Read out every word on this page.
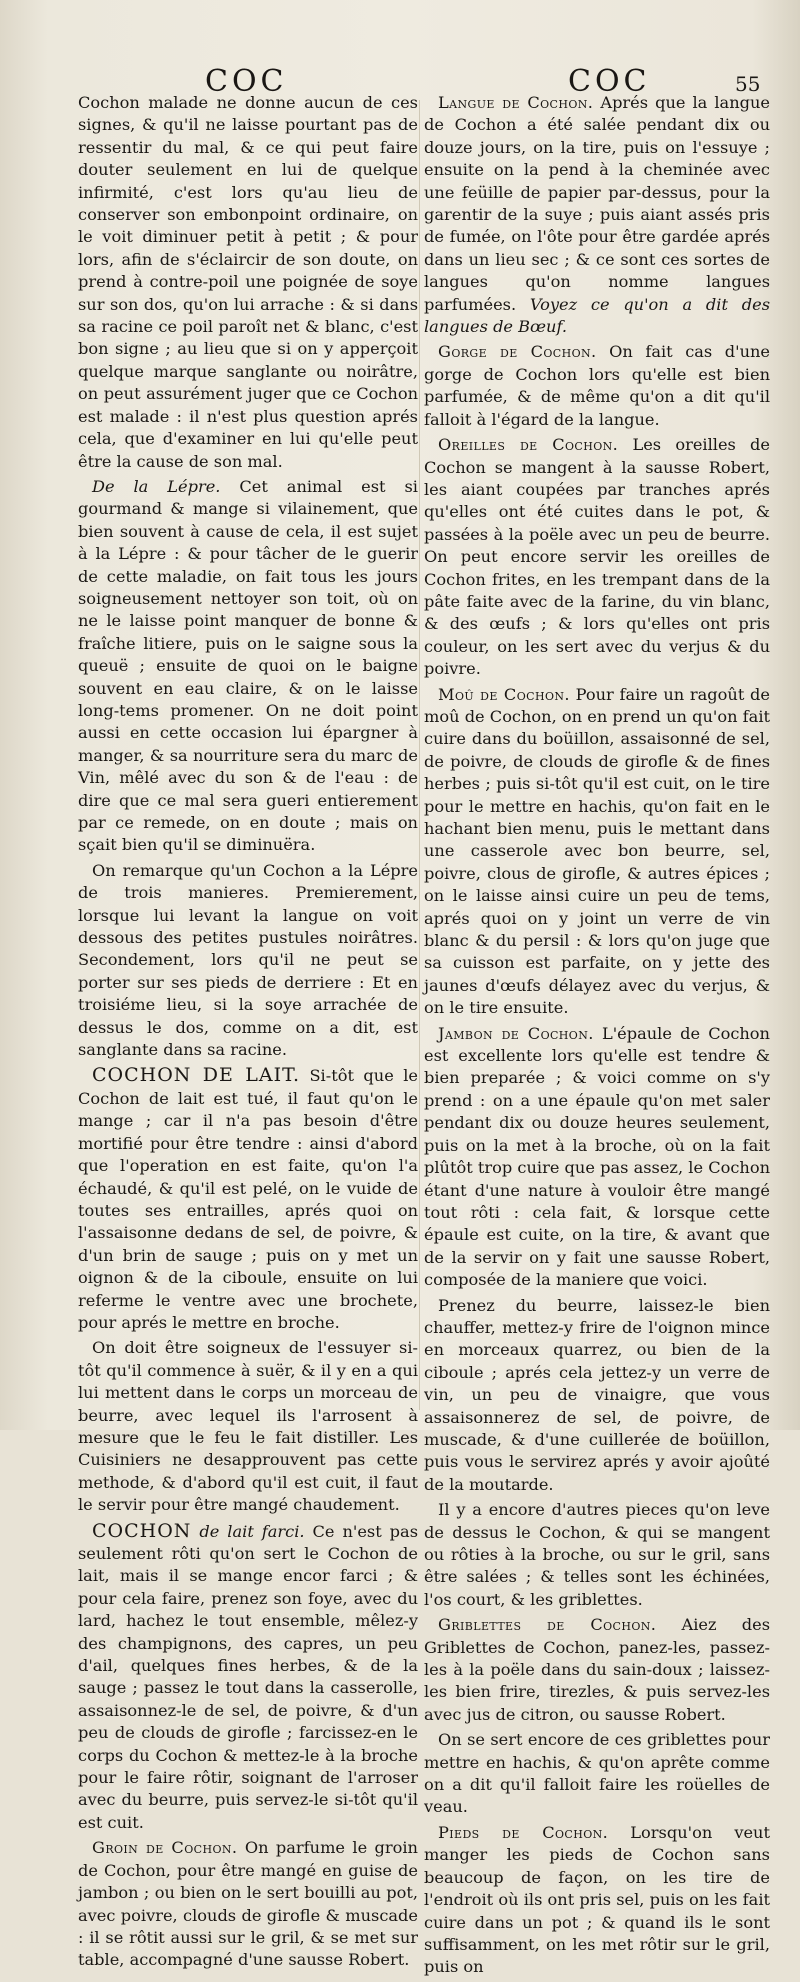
COC	COC	55

Cochon malade ne donne aucun de ces signes, & qu'il ne laisse pourtant pas de ressentir du mal, & ce qui peut faire douter seulement en lui de quelque infirmité, c'est lors qu'au lieu de conserver son embonpoint ordinaire, on le voit diminuer petit à petit ; & pour lors, afin de s'éclaircir de son doute, on prend à contre-poil une poignée de soye sur son dos, qu'on lui arrache : & si dans sa racine ce poil paroît net & blanc, c'est bon signe ; au lieu que si on y apperçoit quelque marque sanglante ou noirâtre, on peut assurément juger que ce Cochon est malade : il n'est plus question aprés cela, que d'examiner en lui qu'elle peut être la cause de son mal.

De la Lépre. Cet animal est si gourmand & mange si vilainement, que bien souvent à cause de cela, il est sujet à la Lépre : & pour tâcher de le guerir de cette maladie, on fait tous les jours soigneusement nettoyer son toit, où on ne le laisse point manquer de bonne & fraîche litiere, puis on le saigne sous la queuë ; ensuite de quoi on le baigne souvent en eau claire, & on le laisse long-tems promener. On ne doit point aussi en cette occasion lui épargner à manger, & sa nourriture sera du marc de Vin, mêlé avec du son & de l'eau : de dire que ce mal sera gueri entierement par ce remede, on en doute ; mais on sçait bien qu'il se diminuëra.

On remarque qu'un Cochon a la Lépre de trois manieres. Premierement, lorsque lui levant la langue on voit dessous des petites pustules noirâtres. Secondement, lors qu'il ne peut se porter sur ses pieds de derriere : Et en troisiéme lieu, si la soye arrachée de dessus le dos, comme on a dit, est sanglante dans sa racine.

COCHON DE LAIT. Si-tôt que le Cochon de lait est tué, il faut qu'on le mange ; car il n'a pas besoin d'être mortifié pour être tendre : ainsi d'abord que l'operation en est faite, qu'on l'a échaudé, & qu'il est pelé, on le vuide de toutes ses entrailles, aprés quoi on l'assaisonne dedans de sel, de poivre, & d'un brin de sauge ; puis on y met un oignon & de la ciboule, ensuite on lui referme le ventre avec une brochete, pour aprés le mettre en broche.

On doit être soigneux de l'essuyer si-tôt qu'il commence à suër, & il y en a qui lui mettent dans le corps un morceau de beurre, avec lequel ils l'arrosent à mesure que le feu le fait distiller. Les Cuisiniers ne desapprouvent pas cette methode, & d'abord qu'il est cuit, il faut le servir pour être mangé chaudement.

COCHON de lait farci. Ce n'est pas seulement rôti qu'on sert le Cochon de lait, mais il se mange encor farci ; & pour cela faire, prenez son foye, avec du lard, hachez le tout ensemble, mêlez-y des champignons, des capres, un peu d'ail, quelques fines herbes, & de la sauge ; passez le tout dans la casserolle, assaisonnez-le de sel, de poivre, & d'un peu de clouds de girofle ; farcissez-en le corps du Cochon & mettez-le à la broche pour le faire rôtir, soignant de l'arroser avec du beurre, puis servez-le si-tôt qu'il est cuit.

Groin de Cochon. On parfume le groin de Cochon, pour être mangé en guise de jambon ; ou bien on le sert bouilli au pot, avec poivre, clouds de girofle & muscade : il se rôtit aussi sur le gril, & se met sur table, accompagné d'une sausse Robert.

Langue de Cochon. Aprés que la langue de Cochon a été salée pendant dix ou douze jours, on la tire, puis on l'essuye ; ensuite on la pend à la cheminée avec une feüille de papier par-dessus, pour la garentir de la suye ; puis aiant assés pris de fumée, on l'ôte pour être gardée aprés dans un lieu sec ; & ce sont ces sortes de langues qu'on nomme langues parfumées. Voyez ce qu'on a dit des langues de Bœuf.

Gorge de Cochon. On fait cas d'une gorge de Cochon lors qu'elle est bien parfumée, & de même qu'on a dit qu'il falloit à l'égard de la langue.

Oreilles de Cochon. Les oreilles de Cochon se mangent à la sausse Robert, les aiant coupées par tranches aprés qu'elles ont été cuites dans le pot, & passées à la poële avec un peu de beurre. On peut encore servir les oreilles de Cochon frites, en les trempant dans de la pâte faite avec de la farine, du vin blanc, & des œufs ; & lors qu'elles ont pris couleur, on les sert avec du verjus & du poivre.

Moû de Cochon. Pour faire un ragoût de moû de Cochon, on en prend un qu'on fait cuire dans du boüillon, assaisonné de sel, de poivre, de clouds de girofle & de fines herbes ; puis si-tôt qu'il est cuit, on le tire pour le mettre en hachis, qu'on fait en le hachant bien menu, puis le mettant dans une casserole avec bon beurre, sel, poivre, clous de girofle, & autres épices ; on le laisse ainsi cuire un peu de tems, aprés quoi on y joint un verre de vin blanc & du persil : & lors qu'on juge que sa cuisson est parfaite, on y jette des jaunes d'œufs délayez avec du verjus, & on le tire ensuite.

Jambon de Cochon. L'épaule de Cochon est excellente lors qu'elle est tendre & bien preparée ; & voici comme on s'y prend : on a une épaule qu'on met saler pendant dix ou douze heures seulement, puis on la met à la broche, où on la fait plûtôt trop cuire que pas assez, le Cochon étant d'une nature à vouloir être mangé tout rôti : cela fait, & lorsque cette épaule est cuite, on la tire, & avant que de la servir on y fait une sausse Robert, composée de la maniere que voici.

Prenez du beurre, laissez-le bien chauffer, mettez-y frire de l'oignon mince en morceaux quarrez, ou bien de la ciboule ; aprés cela jettez-y un verre de vin, un peu de vinaigre, que vous assaisonnerez de sel, de poivre, de muscade, & d'une cuillerée de boüillon, puis vous le servirez aprés y avoir ajoûté de la moutarde.

Il y a encore d'autres pieces qu'on leve de dessus le Cochon, & qui se mangent ou rôties à la broche, ou sur le gril, sans être salées ; & telles sont les échinées, l'os court, & les griblettes.

Griblettes de Cochon. Aiez des Griblettes de Cochon, panez-les, passez-les à la poële dans du sain-doux ; laissez-les bien frire, tirezles, & puis servez-les avec jus de citron, ou sausse Robert.

On se sert encore de ces griblettes pour mettre en hachis, & qu'on aprête comme on a dit qu'il falloit faire les roüelles de veau.

Pieds de Cochon. Lorsqu'on veut manger les pieds de Cochon sans beaucoup de façon, on les tire de l'endroit où ils ont pris sel, puis on les fait cuire dans un pot ; & quand ils le sont suffisamment, on les met rôtir sur le gril, puis on
